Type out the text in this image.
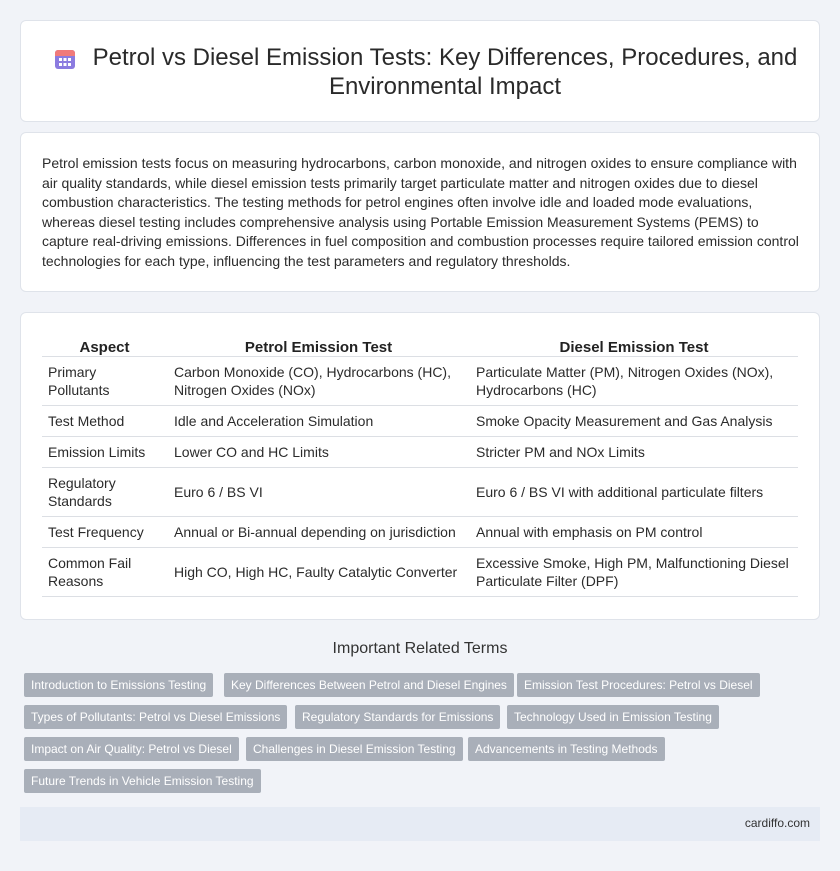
Petrol vs Diesel Emission Tests: Key Differences, Procedures, and Environmental Impact

Petrol emission tests focus on measuring hydrocarbons, carbon monoxide, and nitrogen oxides to ensure compliance with air quality standards, while diesel emission tests primarily target particulate matter and nitrogen oxides due to diesel combustion characteristics. The testing methods for petrol engines often involve idle and loaded mode evaluations, whereas diesel testing includes comprehensive analysis using Portable Emission Measurement Systems (PEMS) to capture real-driving emissions. Differences in fuel composition and combustion processes require tailored emission control technologies for each type, influencing the test parameters and regulatory thresholds.

Aspect	Petrol Emission Test	Diesel Emission Test
Primary Pollutants	Carbon Monoxide (CO), Hydrocarbons (HC), Nitrogen Oxides (NOx)	Particulate Matter (PM), Nitrogen Oxides (NOx), Hydrocarbons (HC)
Test Method	Idle and Acceleration Simulation	Smoke Opacity Measurement and Gas Analysis
Emission Limits	Lower CO and HC Limits	Stricter PM and NOx Limits
Regulatory Standards	Euro 6 / BS VI	Euro 6 / BS VI with additional particulate filters
Test Frequency	Annual or Bi-annual depending on jurisdiction	Annual with emphasis on PM control
Common Fail Reasons	High CO, High HC, Faulty Catalytic Converter	Excessive Smoke, High PM, Malfunctioning Diesel Particulate Filter (DPF)
Important Related Terms
Introduction to Emissions Testing	Key Differences Between Petrol and Diesel Engines	Emission Test Procedures: Petrol vs Diesel
Types of Pollutants: Petrol vs Diesel Emissions	Regulatory Standards for Emissions	Technology Used in Emission Testing
Impact on Air Quality: Petrol vs Diesel	Challenges in Diesel Emission Testing	Advancements in Testing Methods
Future Trends in Vehicle Emission Testing
cardiffo.com
